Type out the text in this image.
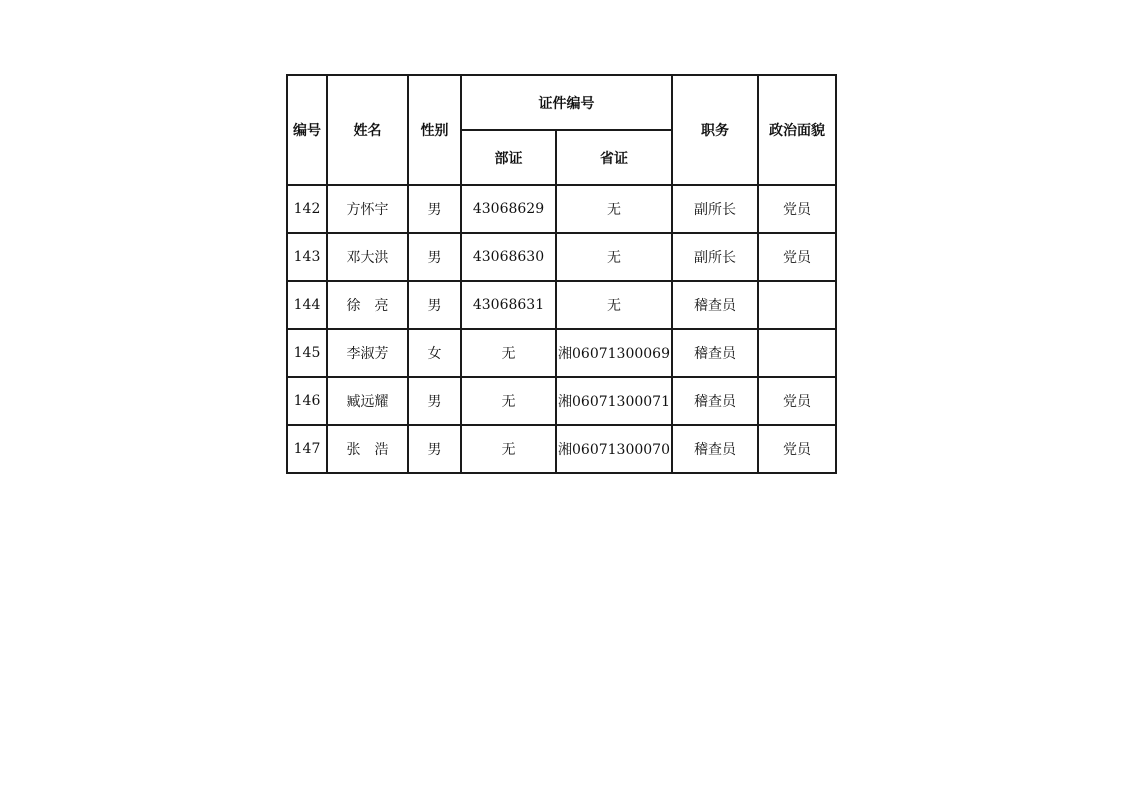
编号	姓名	性别	证件编号		职务	政治面貌
			部证	省证		
142	方怀宇	男	43068629	无	副所长	党员
143	邓大洪	男	43068630	无	副所长	党员
144	徐　亮	男	43068631	无	稽查员	
145	李淑芳	女	无	湘06071300069	稽查员	
146	臧远耀	男	无	湘06071300071	稽查员	党员
147	张　浩	男	无	湘06071300070	稽查员	党员
